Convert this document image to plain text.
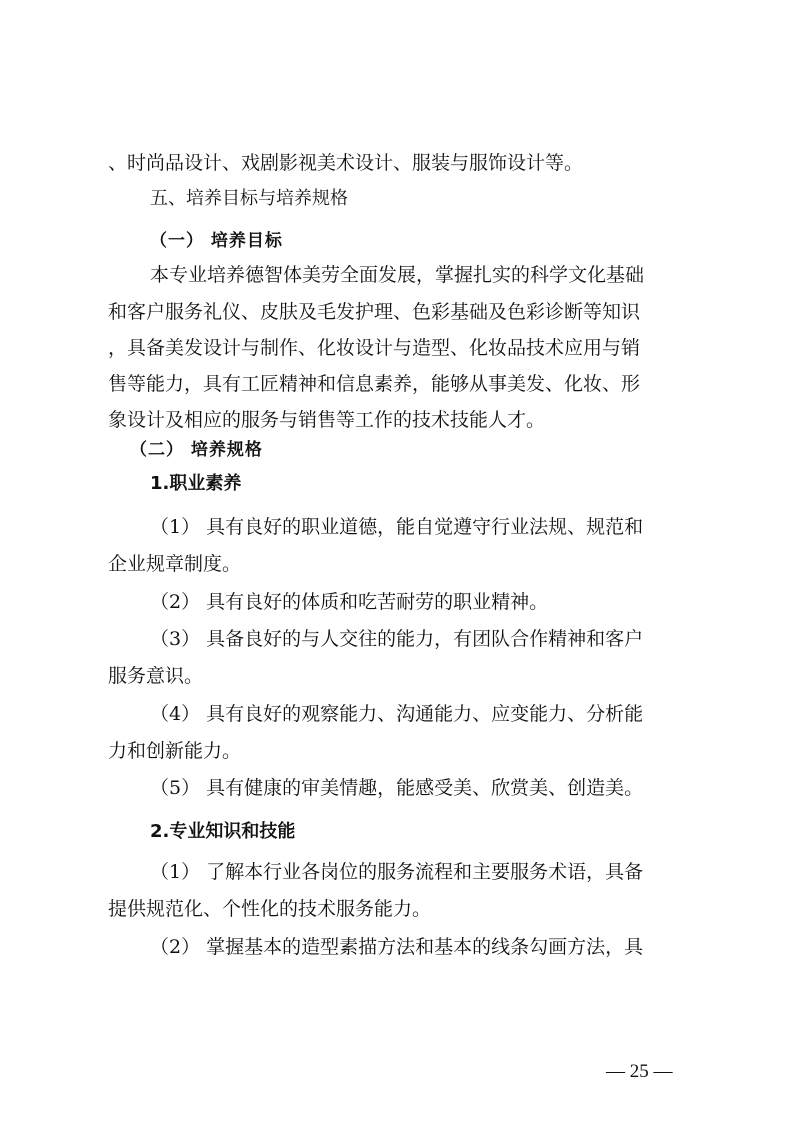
、时尚品设计、戏剧影视美术设计、服装与服饰设计等。

五、培养目标与培养规格

（一） 培养目标

本专业培养德智体美劳全面发展，掌握扎实的科学文化基础

和客户服务礼仪、皮肤及毛发护理、色彩基础及色彩诊断等知识

，具备美发设计与制作、化妆设计与造型、化妆品技术应用与销

售等能力，具有工匠精神和信息素养，能够从事美发、化妆、形

象设计及相应的服务与销售等工作的技术技能人才。

（二） 培养规格

1.职业素养

（1） 具有良好的职业道德，能自觉遵守行业法规、规范和

企业规章制度。

（2） 具有良好的体质和吃苦耐劳的职业精神。

（3） 具备良好的与人交往的能力，有团队合作精神和客户

服务意识。

（4） 具有良好的观察能力、沟通能力、应变能力、分析能

力和创新能力。

（5） 具有健康的审美情趣，能感受美、欣赏美、创造美。

2.专业知识和技能

（1） 了解本行业各岗位的服务流程和主要服务术语，具备

提供规范化、个性化的技术服务能力。

（2） 掌握基本的造型素描方法和基本的线条勾画方法，具

— 25 —
